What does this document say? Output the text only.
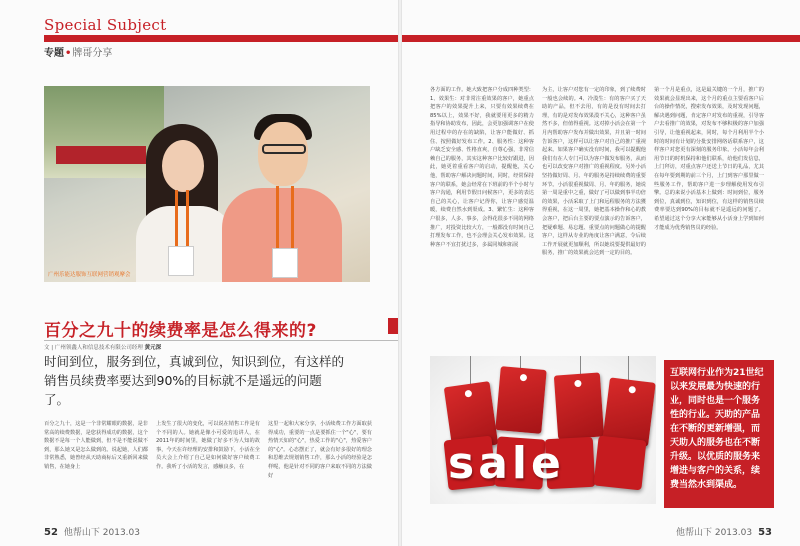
Special Subject
专题•牌哥分享
广州乐能达服饰互联网营销观摩会
百分之九十的续费率是怎么得来的?
文 | 广州领鑫人和信息技术有限公司经理 黄元深
时间到位，服务到位，真诚到位，知识到位，有这样的销售员续费率要达到90%的目标就不是遥远的问题了。
百分之九十，这是一个非常耀眼的数据，是非常高的续费数据，是您获得成功的数据，这个数据不是每一个人能做到，但不是不能说做不到，那么她又是怎么做到的。说起她，人们都非常熟悉，她曾经从天助商标后又重新回来做销售，在她身上
上发生了很大的变化，可以说在销售工作是有个不同的人。她就是像小可爱的追讲人，在2011年的时间里，她做了好多不为人知的故事，今天在许经理的安排和鼓励下，小活在全员大会上介绍了自己是如何做好客户续费工作。我听了小活的发言，感触良多，在
这里一起和大家分享，小活续费工作方面取获得成功，重要的一点是要抓住一个"心"，要有热情天如的"心"，热爱工作的"心"，热爱客户的"心"。心态摆正了，就会有好多很好的理念和思维去规划销售工作，那么小活的经验是怎样呢，他是针对不同的客户来取不同的方法做好
52 他帮山下 2013.03
各方面的工作。她大致把客户分成四种类型：1、效果生：对非常注重效果的客户，她重点把客户的效果提升上来，只要有效果续费在85%以上，效果不好，我就要用更多的精力指导和协助发布，因此，会更加强调客户在使用过程中的存在的缺陷，让客户能做好、抓住、按照做好发布工作。2、服务性：这种客户缺乏安全感、性格直爽，自尊心强，非常信赖自己的服务，其实这种客户比较好跟进，因此，她更着重看客户的启动，提醒他，关心他，帮助客户解决问题时间，同时，经常保持客户的联系，她会经常在下班前的半个小时与客户沟通，利用节假日问候客户，更多的表达自己的关心，让客户记得你，让客户感觉温暖，续费自然水到渠成。3、繁忙生：这种客户很多，人多、事多，会得花很多不同的网络推广，对投资比较大方，一般都没有时间自己打理发布工作，也不会理会关心发布效果。这种客户不宜打扰过多，多属同城和拓展
为主，让客户对您有一定的印象，到了续费时一般也会续的。4、冷漠生：有的客户买了天助的产品，但不去用，有的是没有时间去打理，有的是对发布效果漠不关心，这种客户虽然不多，但值得重视。这对掉小活会在第一个月内帮助客户发布并做出效果，并且第一时间告诉客户，这样可以让客户对自己的推广重视起来。如果客户确实没有时间，我可以提醒他我们有在人专门可以为客户做发布服务，从而也可以改变客户对推广的重视程度。另外小活坚持做好周、月、年的服务是持续续费的重要环节。小活很重视做周、月、年的服务，她说第一周是重中之重，做好了可以做到事半功倍的效果，小活采取了上门和远程服务的方法獲得重视，在这一周里，她把基本操作和心的教会客户，把后台主要的要点演示的告诉客户，把疑难题、易忘题、重要点的问题做心的提醒客户，这样从专业的角度让客户满意，令后续工作开展就更加顺利，所以她说要提供最好的服务，推广的效果就会达到一定的目的。
第一个月是重点，这是最关键的一个月，推广的效果就会显现出来，这个月的重点主要看客户后台的操作情况，搜索发布效果，及时发现问题，解决遇到问题，肯定客户对发布的重视，引导客户去看推广的效果，对发布不够积极的客户加强引导，让他重视起来，同时，每个月利用半个小时的时间有计划的分批安排网络话联系客户，这样客户对您更有深刻的服务印象。小活每年会利用节日的时机保持和他们联系，给他们发信息，上门拜访，对重点客户还送上节日的礼品，尤其在每年要到期的前三个月，上门到客户那里做一些服务工作，帮助客户进一步理解使用发布引擎。总的来说小活基本上做到：时间到位，服务到位，真诚到位，知识到位，有这样的销售员续费率要达到90%的目标就不是遥远的问题了。希望通过这个分享大家能够从小活身上学到如何才能成为优秀销售员的经验。
sale
互联网行业作为21世纪以来发展最为快速的行业，同时也是一个服务性的行业。天助的产品在不断的更新增强，而天助人的服务也在不断升级。以优质的服务来增进与客户的关系，续费当然水到渠成。
他帮山下 2013.03 53
